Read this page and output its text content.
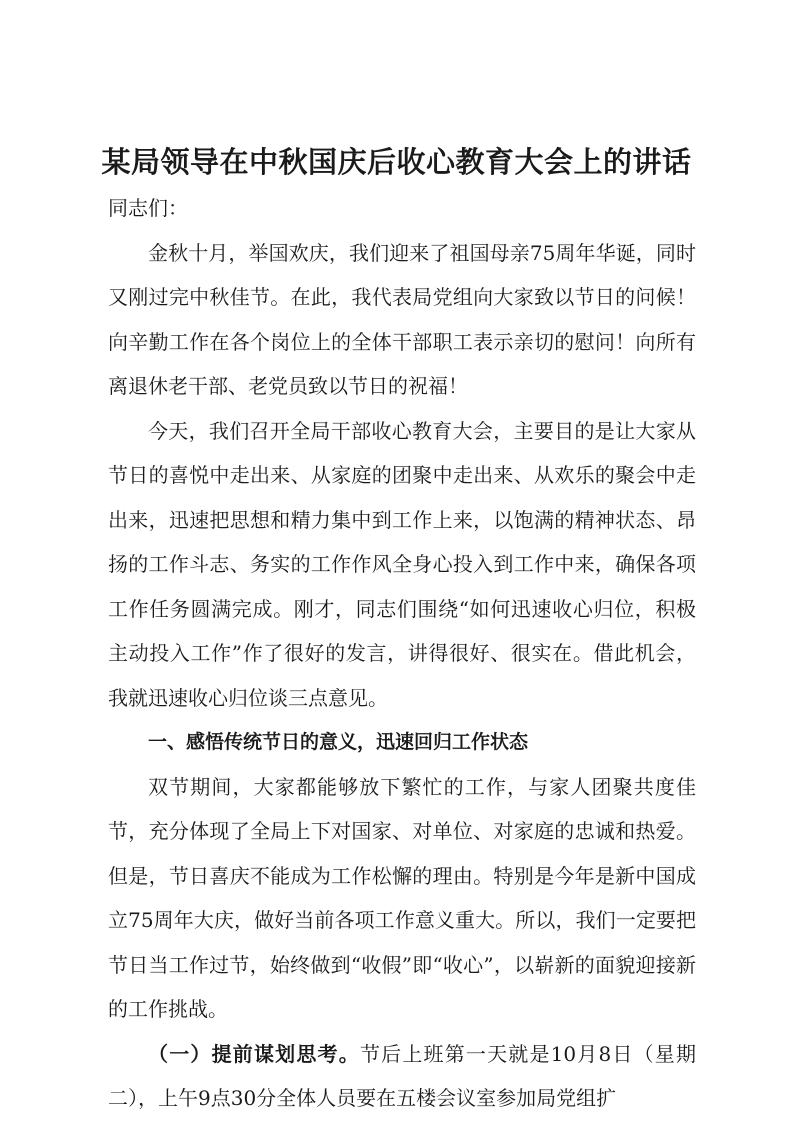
某局领导在中秋国庆后收心教育大会上的讲话

同志们：

金秋十月，举国欢庆，我们迎来了祖国母亲75周年华诞，同时又刚过完中秋佳节。在此，我代表局党组向大家致以节日的问候！向辛勤工作在各个岗位上的全体干部职工表示亲切的慰问！向所有离退休老干部、老党员致以节日的祝福！

今天，我们召开全局干部收心教育大会，主要目的是让大家从节日的喜悦中走出来、从家庭的团聚中走出来、从欢乐的聚会中走出来，迅速把思想和精力集中到工作上来，以饱满的精神状态、昂扬的工作斗志、务实的工作作风全身心投入到工作中来，确保各项工作任务圆满完成。刚才，同志们围绕“如何迅速收心归位，积极主动投入工作”作了很好的发言，讲得很好、很实在。借此机会，我就迅速收心归位谈三点意见。

一、感悟传统节日的意义，迅速回归工作状态

双节期间，大家都能够放下繁忙的工作，与家人团聚共度佳节，充分体现了全局上下对国家、对单位、对家庭的忠诚和热爱。但是，节日喜庆不能成为工作松懈的理由。特别是今年是新中国成立75周年大庆，做好当前各项工作意义重大。所以，我们一定要把节日当工作过节，始终做到“收假”即“收心”，以崭新的面貌迎接新的工作挑战。

（一）提前谋划思考。节后上班第一天就是10月8日（星期二），上午9点30分全体人员要在五楼会议室参加局党组扩
